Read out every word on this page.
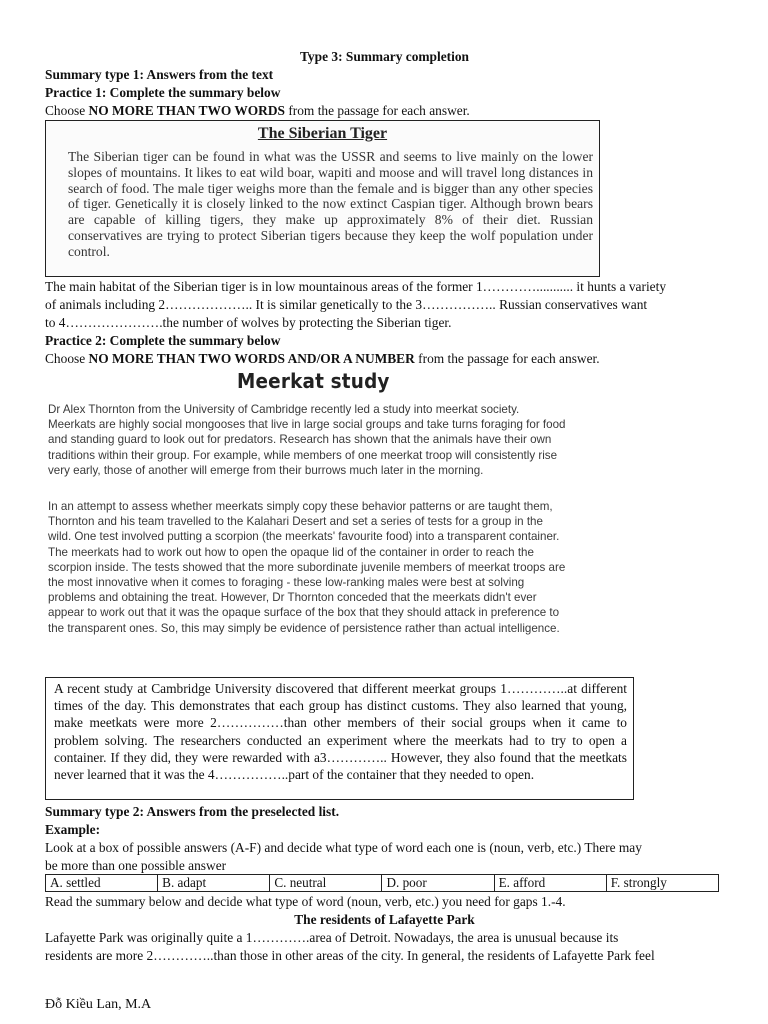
Type 3: Summary completion
Summary type 1: Answers from the text
Practice 1: Complete the summary below
Choose NO MORE THAN TWO WORDS from the passage for each answer.
The Siberian Tiger
The Siberian tiger can be found in what was the USSR and seems to live mainly on the lower slopes of mountains. It likes to eat wild boar, wapiti and moose and will travel long distances in search of food. The male tiger weighs more than the female and is bigger than any other species of tiger. Genetically it is closely linked to the now extinct Caspian tiger. Although brown bears are capable of killing tigers, they make up approximately 8% of their diet. Russian conservatives are trying to protect Siberian tigers because they keep the wolf population under control.
The main habitat of the Siberian tiger is in low mountainous areas of the former 1…………........... it hunts a variety
of animals including 2……………….. It is similar genetically to the 3…………….. Russian conservatives want
to 4………………….the number of wolves by protecting the Siberian tiger.
Practice 2: Complete the summary below
Choose NO MORE THAN TWO WORDS AND/OR A NUMBER from the passage for each answer.
Meerkat study
Dr Alex Thornton from the University of Cambridge recently led a study into meerkat society. Meerkats are highly social mongooses that live in large social groups and take turns foraging for food and standing guard to look out for predators. Research has shown that the animals have their own traditions within their group. For example, while members of one meerkat troop will consistently rise very early, those of another will emerge from their burrows much later in the morning.
In an attempt to assess whether meerkats simply copy these behavior patterns or are taught them, Thornton and his team travelled to the Kalahari Desert and set a series of tests for a group in the wild. One test involved putting a scorpion (the meerkats' favourite food) into a transparent container. The meerkats had to work out how to open the opaque lid of the container in order to reach the scorpion inside. The tests showed that the more subordinate juvenile members of meerkat troops are the most innovative when it comes to foraging - these low-ranking males were best at solving problems and obtaining the treat. However, Dr Thornton conceded that the meerkats didn't ever appear to work out that it was the opaque surface of the box that they should attack in preference to the transparent ones. So, this may simply be evidence of persistence rather than actual intelligence.
A recent study at Cambridge University discovered that different meerkat groups 1…………..at different times of the day. This demonstrates that each group has distinct customs. They also learned that young, make meetkats were more 2……………than other members of their social groups when it came to problem solving. The researchers conducted an experiment where the meerkats had to try to open a container. If they did, they were rewarded with a3………….. However, they also found that the meetkats never learned that it was the 4……………..part of the container that they needed to open.
Summary type 2: Answers from the preselected list.
Example:
Look at a box of possible answers (A-F) and decide what type of word each one is (noun, verb, etc.) There may
be more than one possible answer
A. settled	B. adapt	C. neutral	D. poor	E. afford	F. strongly
Read the summary below and decide what type of word (noun, verb, etc.) you need for gaps 1.-4.
The residents of Lafayette Park
Lafayette Park was originally quite a 1………….area of Detroit. Nowadays, the area is unusual because its
residents are more 2…………..than those in other areas of the city. In general, the residents of Lafayette Park feel
Đỗ Kiều Lan, M.A
